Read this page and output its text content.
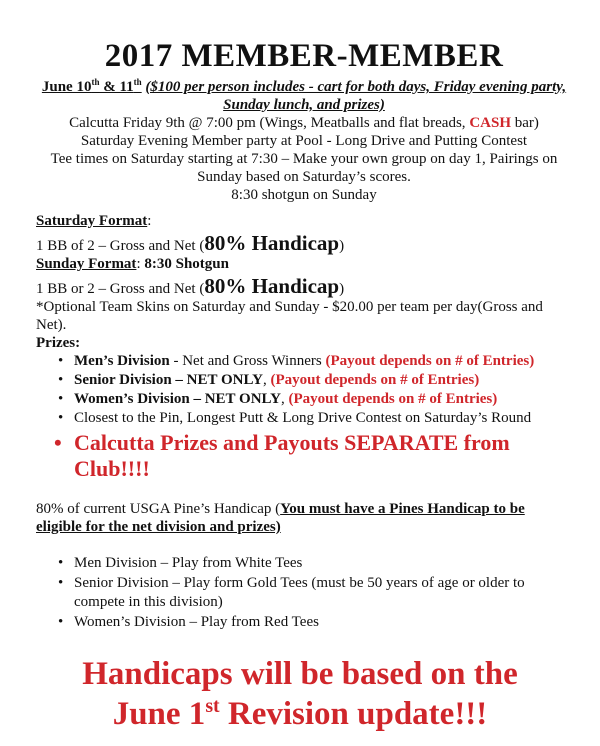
2017 MEMBER-MEMBER
June 10th & 11th ($100 per person includes - cart for both days, Friday evening party, Sunday lunch, and prizes)
Calcutta Friday 9th @ 7:00 pm (Wings, Meatballs and flat breads, CASH bar)
Saturday Evening Member party at Pool - Long Drive and Putting Contest
Tee times on Saturday starting at 7:30 – Make your own group on day 1, Pairings on Sunday based on Saturday’s scores.
8:30 shotgun on Sunday
Saturday Format:
1 BB of 2 – Gross and Net (80% Handicap)
Sunday Format: 8:30 Shotgun
1 BB or 2 – Gross and Net (80% Handicap)
*Optional Team Skins on Saturday and Sunday - $20.00 per team per day(Gross and Net).
Prizes:
• Men’s Division - Net and Gross Winners (Payout depends on # of Entries)
• Senior Division – NET ONLY, (Payout depends on # of Entries)
• Women’s Division – NET ONLY, (Payout depends on # of Entries)
• Closest to the Pin, Longest Putt & Long Drive Contest on Saturday’s Round
• Calcutta Prizes and Payouts SEPARATE from Club!!!!
80% of current USGA Pine’s Handicap (You must have a Pines Handicap to be eligible for the net division and prizes)
• Men Division – Play from White Tees
• Senior Division – Play form Gold Tees (must be 50 years of age or older to compete in this division)
• Women’s Division – Play from Red Tees
Handicaps will be based on the
June 1st Revision update!!!
